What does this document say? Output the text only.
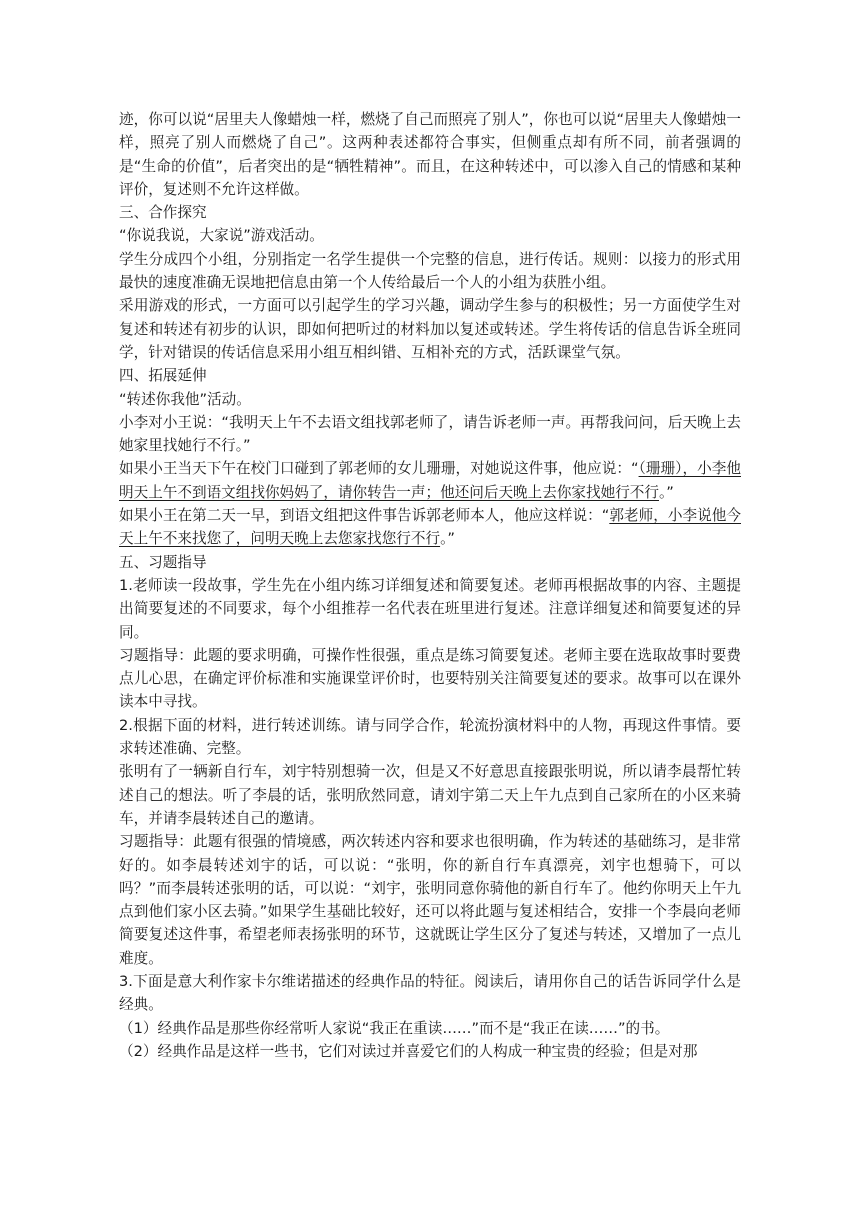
迹，你可以说“居里夫人像蜡烛一样，燃烧了自己而照亮了别人”，你也可以说“居里夫人像蜡烛一样，照亮了别人而燃烧了自己”。这两种表述都符合事实，但侧重点却有所不同，前者强调的是“生命的价值”，后者突出的是“牺牲精神”。而且，在这种转述中，可以渗入自己的情感和某种评价，复述则不允许这样做。

三、合作探究

“你说我说，大家说”游戏活动。

学生分成四个小组，分别指定一名学生提供一个完整的信息，进行传话。规则：以接力的形式用最快的速度准确无误地把信息由第一个人传给最后一个人的小组为获胜小组。

采用游戏的形式，一方面可以引起学生的学习兴趣，调动学生参与的积极性；另一方面使学生对复述和转述有初步的认识，即如何把听过的材料加以复述或转述。学生将传话的信息告诉全班同学，针对错误的传话信息采用小组互相纠错、互相补充的方式，活跃课堂气氛。

四、拓展延伸

“转述你我他”活动。

小李对小王说：“我明天上午不去语文组找郭老师了，请告诉老师一声。再帮我问问，后天晚上去她家里找她行不行。”

如果小王当天下午在校门口碰到了郭老师的女儿珊珊，对她说这件事，他应说：“（珊珊），小李他明天上午不到语文组找你妈妈了，请你转告一声；他还问后天晚上去你家找她行不行。”

如果小王在第二天一早，到语文组把这件事告诉郭老师本人，他应这样说：“郭老师，小李说他今天上午不来找您了，问明天晚上去您家找您行不行。”

五、习题指导

1.老师读一段故事，学生先在小组内练习详细复述和简要复述。老师再根据故事的内容、主题提出简要复述的不同要求，每个小组推荐一名代表在班里进行复述。注意详细复述和简要复述的异同。

习题指导：此题的要求明确，可操作性很强，重点是练习简要复述。老师主要在选取故事时要费点儿心思，在确定评价标准和实施课堂评价时，也要特别关注简要复述的要求。故事可以在课外读本中寻找。

2.根据下面的材料，进行转述训练。请与同学合作，轮流扮演材料中的人物，再现这件事情。要求转述准确、完整。

张明有了一辆新自行车，刘宇特别想骑一次，但是又不好意思直接跟张明说，所以请李晨帮忙转述自己的想法。听了李晨的话，张明欣然同意，请刘宇第二天上午九点到自己家所在的小区来骑车，并请李晨转述自己的邀请。

习题指导：此题有很强的情境感，两次转述内容和要求也很明确，作为转述的基础练习，是非常好的。如李晨转述刘宇的话，可以说：“张明，你的新自行车真漂亮，刘宇也想骑下，可以吗？”而李晨转述张明的话，可以说：“刘宇，张明同意你骑他的新自行车了。他约你明天上午九点到他们家小区去骑。”如果学生基础比较好，还可以将此题与复述相结合，安排一个李晨向老师简要复述这件事，希望老师表扬张明的环节，这就既让学生区分了复述与转述，又增加了一点儿难度。

3.下面是意大利作家卡尔维诺描述的经典作品的特征。阅读后，请用你自己的话告诉同学什么是经典。

（1）经典作品是那些你经常听人家说“我正在重读……”而不是“我正在读……”的书。

（2）经典作品是这样一些书，它们对读过并喜爱它们的人构成一种宝贵的经验；但是对那
